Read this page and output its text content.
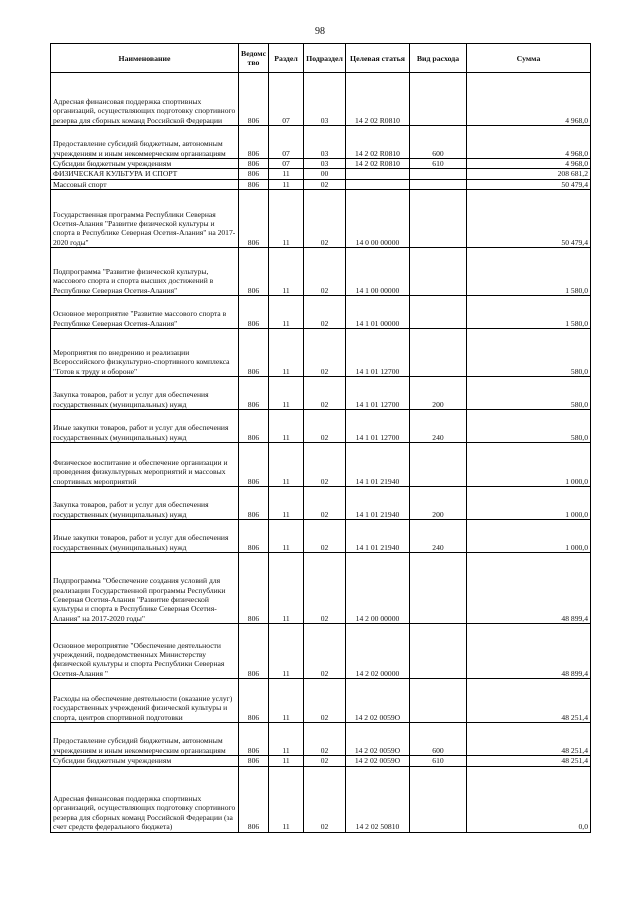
98
Наименование	Ведомс тво	Раздел	Подраздел	Целевая статья	Вид расхода	Сумма
Адресная финансовая поддержка спортивных организаций, осуществляющих подготовку спортивного резерва для сборных команд Российской Федерации	806	07	03	14 2 02 R0810		4 968,0
Предоставление субсидий бюджетным, автономным учреждениям и иным некоммерческим организациям	806	07	03	14 2 02 R0810	600	4 968,0
Субсидии бюджетным учреждениям	806	07	03	14 2 02 R0810	610	4 968,0
ФИЗИЧЕСКАЯ КУЛЬТУРА И СПОРТ	806	11	00			208 681,2
Массовый спорт	806	11	02			50 479,4
Государственная программа Республики Северная Осетия-Алания "Развитие физической культуры и спорта в Республике Северная Осетия-Алания" на 2017-2020 годы"	806	11	02	14 0 00 00000		50 479,4
Подпрограмма "Развитие физической культуры, массового спорта и спорта высших достижений в Республике Северная Осетия-Алания"	806	11	02	14 1 00 00000		1 580,0
Основное мероприятие "Развитие массового спорта в Республике Северная Осетия-Алания"	806	11	02	14 1 01 00000		1 580,0
Мероприятия по внедрению и реализации Всероссийского физкультурно-спортивного комплекса "Готов к труду и обороне"	806	11	02	14 1 01 12700		580,0
Закупка товаров, работ и услуг для обеспечения государственных (муниципальных) нужд	806	11	02	14 1 01 12700	200	580,0
Иные закупки товаров, работ и услуг для обеспечения государственных (муниципальных) нужд	806	11	02	14 1 01 12700	240	580,0
Физическое воспитание и обеспечение организации и проведения физкультурных мероприятий и массовых спортивных мероприятий	806	11	02	14 1 01 21940		1 000,0
Закупка товаров, работ и услуг для обеспечения государственных (муниципальных) нужд	806	11	02	14 1 01 21940	200	1 000,0
Иные закупки товаров, работ и услуг для обеспечения государственных (муниципальных) нужд	806	11	02	14 1 01 21940	240	1 000,0
Подпрограмма "Обеспечение создания условий для реализации Государственной программы Республики Северная Осетия-Алания "Развитие физической культуры и спорта в Республике Северная Осетия-Алания" на 2017-2020 годы"	806	11	02	14 2 00 00000		48 899,4
Основное мероприятие "Обеспечение деятельности учреждений, подведомственных Министерству физической культуры и спорта Республики Северная Осетия-Алания "	806	11	02	14 2 02 00000		48 899,4
Расходы на обеспечение деятельности (оказание услуг) государственных учреждений физической культуры и спорта, центров спортивной подготовки	806	11	02	14 2 02 0059О		48 251,4
Предоставление субсидий бюджетным, автономным учреждениям и иным некоммерческим организациям	806	11	02	14 2 02 0059О	600	48 251,4
Субсидии бюджетным учреждениям	806	11	02	14 2 02 0059О	610	48 251,4
Адресная финансовая поддержка спортивных организаций, осуществляющих подготовку спортивного резерва для сборных команд Российской Федерации (за счет средств федерального бюджета)	806	11	02	14 2 02 50810		0,0
